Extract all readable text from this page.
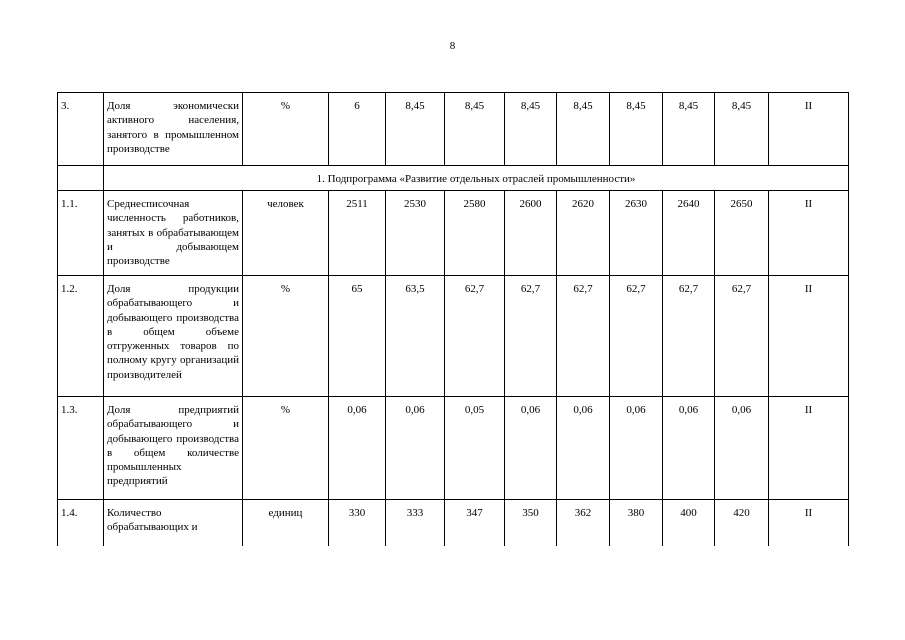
8
3.	Доля экономически активного населения, занятого в промышленном производстве	%	6	8,45	8,45	8,45	8,45	8,45	8,45	8,45	II
	1. Подпрограмма «Развитие отдельных отраслей промышленности»										
1.1.	Среднесписочная численность работников, занятых в обрабатывающем и добывающем производстве	человек	2511	2530	2580	2600	2620	2630	2640	2650	II
1.2.	Доля продукции обрабатывающего и добывающего производства в общем объеме отгруженных товаров по полному кругу организаций производителей	%	65	63,5	62,7	62,7	62,7	62,7	62,7	62,7	II
1.3.	Доля предприятий обрабатывающего и добывающего производства в общем количестве промышленных предприятий	%	0,06	0,06	0,05	0,06	0,06	0,06	0,06	0,06	II
1.4.	Количество обрабатывающих и	единиц	330	333	347	350	362	380	400	420	II
